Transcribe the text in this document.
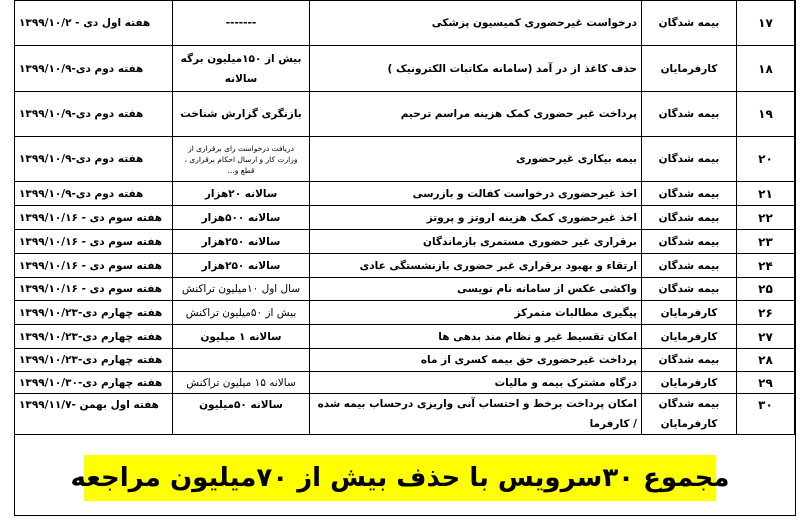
۱۷	بیمه شدگان	درخواست غیرحضوری کمیسیون پزشکی	-------	هفته اول دی - ۱۳۹۹/۱۰/۲
۱۸	کارفرمایان	حذف کاغذ از در آمد (سامانه مکاتبات الکترونیک )	بیش از ۱۵۰میلیون برگه سالانه	هفته دوم دی-۱۳۹۹/۱۰/۹
۱۹	بیمه شدگان	پرداخت غیر حضوری کمک هزینه مراسم ترحیم	بازنگری گزارش شناخت	هفته دوم دی-۱۳۹۹/۱۰/۹
۲۰	بیمه شدگان	بیمه بیکاری غیرحضوری	دریافت درخواست رای برقراری از وزارت کار و ارسال احکام برقراری ، قطع و...	هفته دوم دی-۱۳۹۹/۱۰/۹
۲۱	بیمه شدگان	اخذ غیرحضوری درخواست کفالت و بازرسی	سالانه ۲۰هزار	هفته دوم دی-۱۳۹۹/۱۰/۹
۲۲	بیمه شدگان	اخذ غیرحضوری کمک هزینه اروتز و پروتز	سالانه ۵۰۰هزار	هفته سوم دی - ۱۳۹۹/۱۰/۱۶
۲۳	بیمه شدگان	برقراری غیر حضوری مستمری بازماندگان	سالانه ۲۵۰هزار	هفته سوم دی - ۱۳۹۹/۱۰/۱۶
۲۴	بیمه شدگان	ارتقاء و بهبود برقراری غیر حضوری بازنشستگی عادی	سالانه ۲۵۰هزار	هفته سوم دی - ۱۳۹۹/۱۰/۱۶
۲۵	بیمه شدگان	واکشی عکس از سامانه نام نویسی	سال اول ۱۰میلیون تراکنش	هفته سوم دی - ۱۳۹۹/۱۰/۱۶
۲۶	کارفرمایان	پیگیری مطالبات متمرکز	بیش از ۵۰میلیون تراکنش	هفته چهارم دی-۱۳۹۹/۱۰/۲۳
۲۷	کارفرمایان	امکان تقسیط غیر و نظام مند بدهی ها	سالانه ۱ میلیون	هفته چهارم دی-۱۳۹۹/۱۰/۲۳
۲۸	بیمه شدگان	پرداخت غیرحضوری حق بیمه کسری از ماه		هفته چهارم دی-۱۳۹۹/۱۰/۲۳
۲۹	کارفرمایان	درگاه مشترک بیمه و مالیات	سالانه ۱۵ میلیون تراکنش	هفته چهارم دی-۱۳۹۹/۱۰/۳۰
۳۰	بیمه شدگان کارفرمایان	امکان پرداخت برخط و احتساب آنی واریزی درحساب بیمه شده / کارفرما	سالانه ۵۰میلیون	هفته اول بهمن -۱۳۹۹/۱۱/۷
مجموع ۳۰سرویس با حذف بیش از ۷۰میلیون مراجعه
